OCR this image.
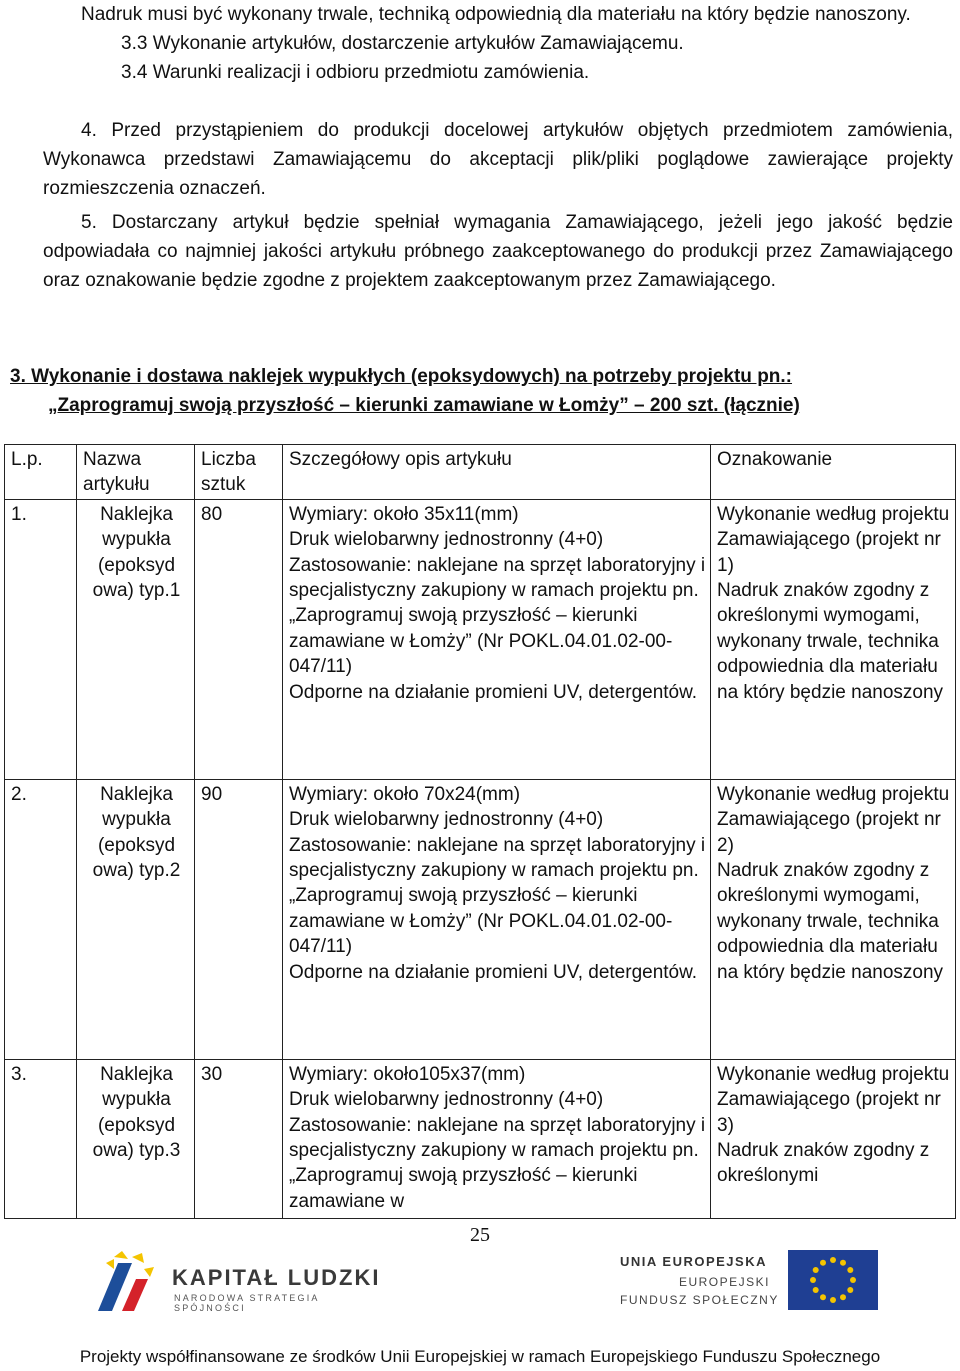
Nadruk musi być wykonany trwale, techniką odpowiednią dla materiału na który będzie nanoszony.

3.3 Wykonanie artykułów, dostarczenie artykułów Zamawiającemu.

3.4 Warunki realizacji i odbioru przedmiotu zamówienia.

4. Przed przystąpieniem do produkcji docelowej artykułów objętych przedmiotem zamówienia, Wykonawca przedstawi Zamawiającemu do akceptacji plik/pliki poglądowe zawierające projekty rozmieszczenia oznaczeń.

5. Dostarczany artykuł będzie spełniał wymagania Zamawiającego, jeżeli jego jakość będzie odpowiadała co najmniej jakości artykułu próbnego zaakceptowanego do produkcji przez Zamawiającego oraz oznakowanie będzie zgodne z projektem zaakceptowanym przez Zamawiającego.

3. Wykonanie i dostawa naklejek wypukłych (epoksydowych) na potrzeby projektu pn.:
„Zaprogramuj swoją przyszłość – kierunki zamawiane w Łomży” – 200 szt. (łącznie)
L.p.	Nazwa artykułu	Liczba sztuk	Szczegółowy opis artykułu	Oznakowanie
1.	Naklejka wypukła (epoksyd owa) typ.1	80	Wymiary: około 35x11(mm)
Druk wielobarwny jednostronny (4+0)
Zastosowanie: naklejane na sprzęt laboratoryjny i specjalistyczny zakupiony w ramach projektu pn. „Zaprogramuj swoją przyszłość – kierunki zamawiane w Łomży” (Nr POKL.04.01.02-00-047/11)
Odporne na działanie promieni UV, detergentów.	Wykonanie według projektu Zamawiającego (projekt nr 1)
Nadruk znaków zgodny z określonymi wymogami, wykonany trwale, technika odpowiednia dla materiału na który będzie nanoszony

2.	Naklejka wypukła (epoksyd owa) typ.2	90	Wymiary: około 70x24(mm)
Druk wielobarwny jednostronny (4+0)
Zastosowanie: naklejane na sprzęt laboratoryjny i specjalistyczny zakupiony w ramach projektu pn. „Zaprogramuj swoją przyszłość – kierunki zamawiane w Łomży” (Nr POKL.04.01.02-00-047/11)
Odporne na działanie promieni UV, detergentów.	Wykonanie według projektu Zamawiającego (projekt nr 2)
Nadruk znaków zgodny z określonymi wymogami, wykonany trwale, technika odpowiednia dla materiału na który będzie nanoszony

3.	Naklejka wypukła (epoksyd owa) typ.3	30	Wymiary: około105x37(mm)
Druk wielobarwny jednostronny (4+0)
Zastosowanie: naklejane na sprzęt laboratoryjny i specjalistyczny zakupiony w ramach projektu pn. „Zaprogramuj swoją przyszłość – kierunki zamawiane w	Wykonanie według projektu Zamawiającego (projekt nr 3)
Nadruk znaków zgodny z określonymi
25
KAPITAŁ LUDZKI
NARODOWA STRATEGIA SPÓJNOŚCI
UNIA EUROPEJSKA
EUROPEJSKI
FUNDUSZ SPOŁECZNY
Projekty współfinansowane ze środków Unii Europejskiej w ramach Europejskiego Funduszu Społecznego
